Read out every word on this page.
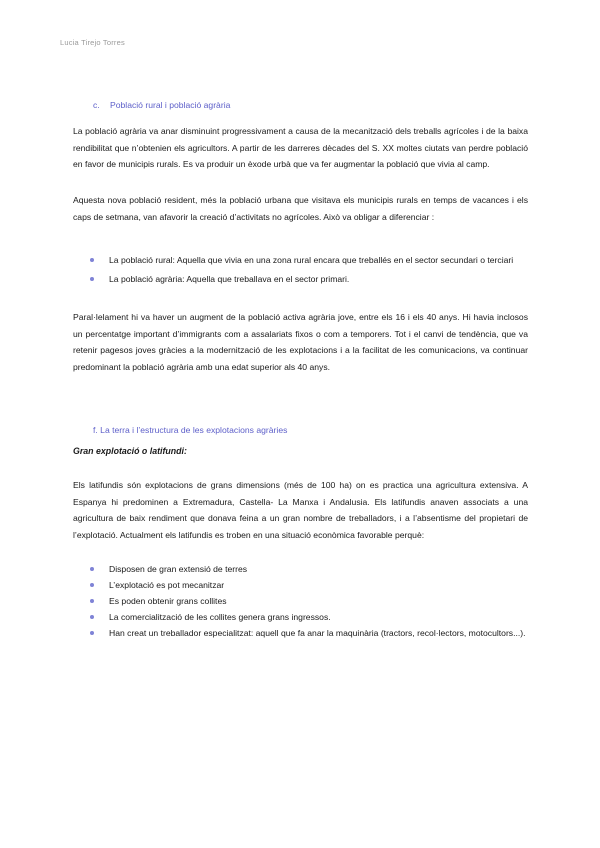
Lucia Tirejo Torres
c. Població rural i població agrària

La població agrària va anar disminuint progressivament a causa de la mecanització dels treballs agrícoles i de la baixa rendibilitat que n’obtenien els agricultors. A partir de les darreres dècades del S. XX moltes ciutats van perdre població en favor de municipis rurals. Es va produir un èxode urbà que va fer augmentar la població que vivia al camp.

Aquesta nova població resident, més la població urbana que visitava els municipis rurals en temps de vacances i els caps de setmana, van afavorir la creació d’activitats no agrícoles. Això va obligar a diferenciar :

La població rural: Aquella que vivia en una zona rural encara que treballés en el sector secundari o terciari
La població agrària: Aquella que treballava en el sector primari.

Paral·lelament hi va haver un augment de la població activa agrària jove, entre els 16 i els 40 anys. Hi havia inclosos un percentatge important d’immigrants com a assalariats fixos o com a temporers. Tot i el canvi de tendència, que va retenir pagesos joves gràcies a la modernització de les explotacions i a la facilitat de les comunicacions, va continuar predominant la població agrària amb una edat superior als 40 anys.

f. La terra i l’estructura de les explotacions agràries
Gran explotació o latifundi:

Els latifundis són explotacions de grans dimensions (més de 100 ha) on es practica una agricultura extensiva. A Espanya hi predominen a Extremadura, Castella- La Manxa i Andalusia. Els latifundis anaven associats a una agricultura de baix rendiment que donava feina a un gran nombre de treballadors, i a l’absentisme del propietari de l’explotació. Actualment els latifundis es troben en una situació econòmica favorable perquè:

Disposen de gran extensió de terres
L’explotació es pot mecanitzar
Es poden obtenir grans collites
La comercialització de les collites genera grans ingressos.
Han creat un treballador especialitzat: aquell que fa anar la maquinària (tractors, recol·lectors, motocultors...).
